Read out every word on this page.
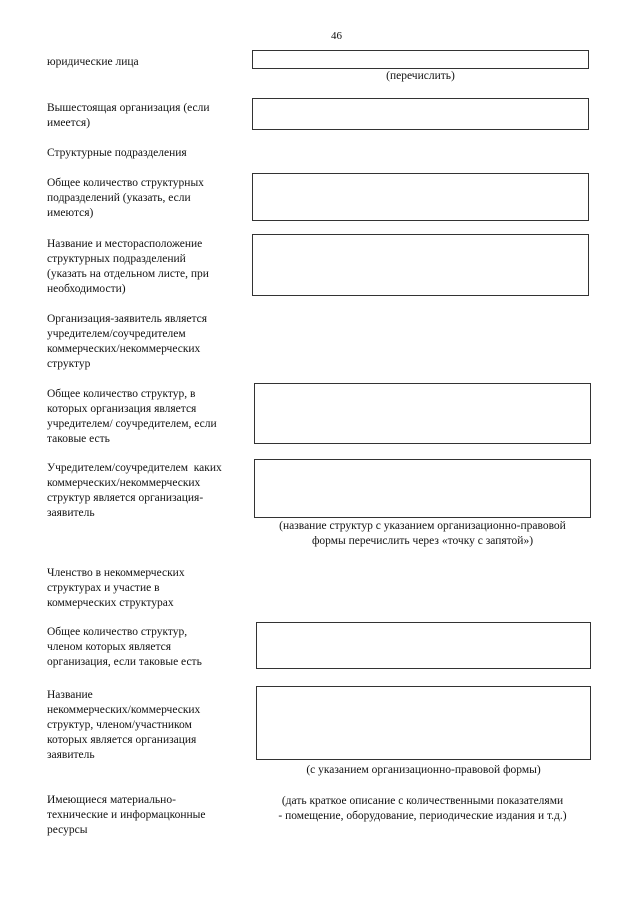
46
юридические лица
Вышестоящая организация (если
имеется)
Структурные подразделения
Общее количество структурных
подразделений (указать, если
имеются)
Название и месторасположение
структурных подразделений
(указать на отдельном листе, при
необходимости)
Организация-заявитель является
учредителем/соучредителем
коммерческих/некоммерческих
структур
Общее количество структур, в
которых организация является
учредителем/ соучредителем, если
таковые есть
Учредителем/соучредителем  каких
коммерческих/некоммерческих
структур является организация-
заявитель
Членство в некоммерческих
структурах и участие в
коммерческих структурах
Общее количество структур,
членом которых является
организация, если таковые есть
Название
некоммерческих/коммерческих
структур, членом/участником
которых является организация
заявитель
Имеющиеся материально-
технические и информацконные
ресурсы
(перечислить)
(название структур с указанием организационно-правовой
формы перечислить через «точку с запятой»)
(с указанием организационно-правовой формы)
(дать краткое описание с количественными показателями
- помещение, оборудование, периодические издания и т.д.)
